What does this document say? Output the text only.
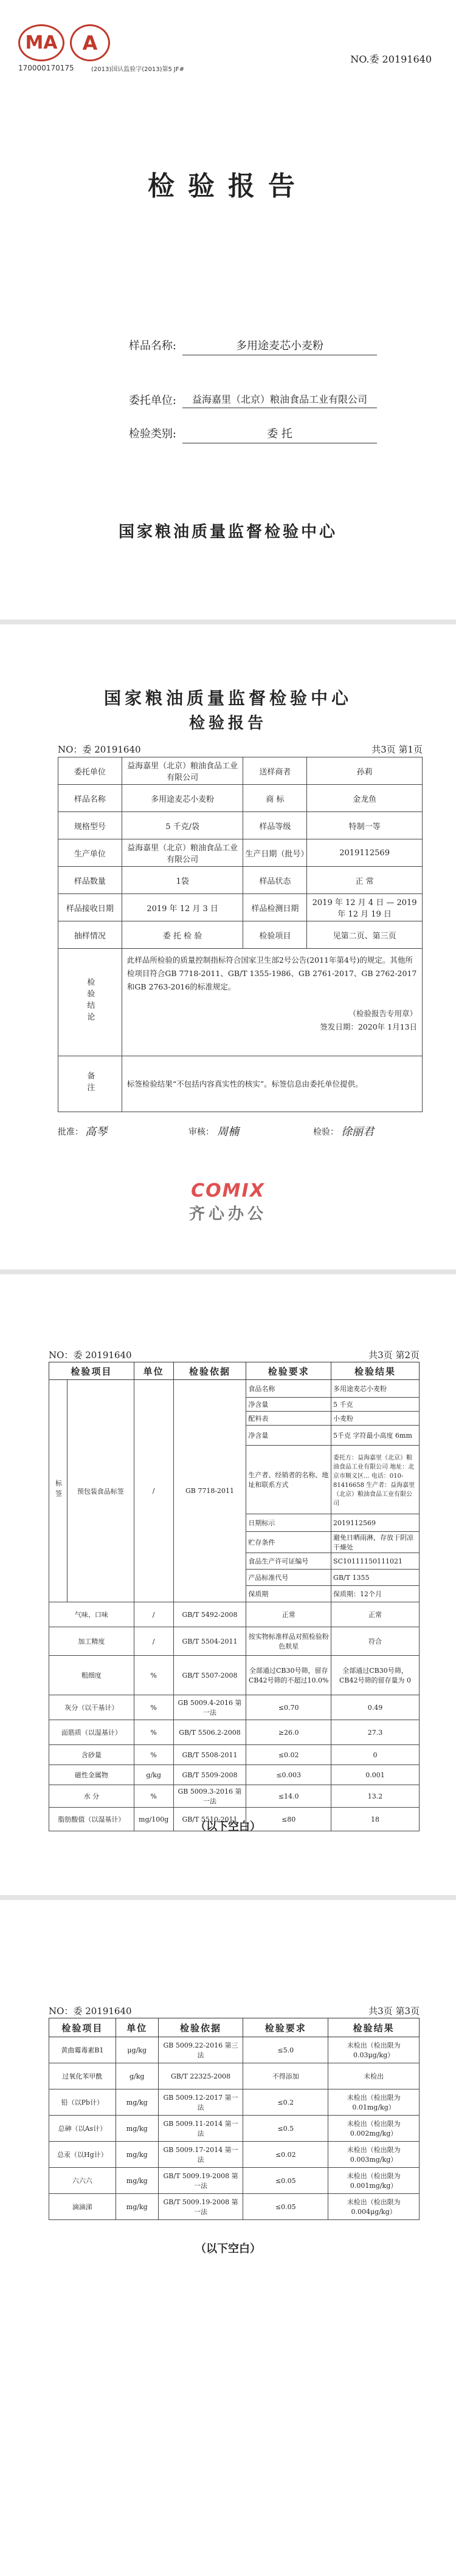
MA	A
170000170175	(2013)国认监验字(2013)第5 JF#
NO.委 20191640
检验报告
样品名称:	多用途麦芯小麦粉
委托单位:	益海嘉里（北京）粮油食品工业有限公司
检验类别:	委 托
国家粮油质量监督检验中心
国家粮油质量监督检验中心
检验报告
NO：委 20191640	共3页 第1页
委托单位	益海嘉里（北京）粮油食品工业有限公司	送样商者	孙莉
样品名称	多用途麦芯小麦粉	商 标	金龙鱼
规格型号	5 千克/袋	样品等级	特制一等
生产单位	益海嘉里（北京）粮油食品工业有限公司	生产日期（批号）	2019112569
样品数量	1袋	样品状态	正 常
样品接收日期	2019 年 12 月 3 日	样品检测日期	2019 年 12 月 4 日 — 2019 年 12 月 19 日
抽样情况	委 托 检 验	检验项目	见第二页、第三页
检验结论	此样品所检验的质量控制指标符合国家卫生部2号公告(2011年第4号)的规定。其他所检项目符合GB 7718-2011、GB/T 1355-1986、GB 2761-2017、GB 2762-2017和GB 2763-2016的标准规定。
（检验报告专用章）
签发日期：2020年 1月13日		

备注	标签检验结果“不包括内容真实性的核实”。标签信息由委托单位提供。		
批准： 高琴	审核： 周楠	检验： 徐丽君
COMIX
齐心办公
NO：委 20191640	共3页 第2页
检验项目		单位	检验依据	检验要求	检验结果
标签	预包装食品标签	/	GB 7718-2011	食品名称	多用途麦芯小麦粉
				净含量	5 千克
				配料表	小麦粉
				净含量	5千克 字符最小高度 6mm
				生产者、经销者的名称、地址和联系方式	委托方：益海嘉里（北京）粮油食品工业有限公司 地址：北京市顺义区... 电话：010-81416658 生产者：益海嘉里（北京）粮油食品工业有限公司
				日期标示	2019112569
				贮存条件	避免日晒雨淋，存放于阴凉干燥处
				食品生产许可证编号	SC10111150111021
				产品标准代号	GB/T 1355
				保质期	保质期：12个月
气味、口味		/	GB/T 5492-2008	正常	正常
加工精度		/	GB/T 5504-2011	按实物标准样品对照检验粉色麸星	符合
粗细度		%	GB/T 5507-2008	全部通过CB30号筛，留存CB42号筛的不超过10.0%	全部通过CB30号筛，CB42号筛的留存量为 0
灰分（以干基计）		%	GB 5009.4-2016 第一法	≤0.70	0.49
面筋质（以湿基计）		%	GB/T 5506.2-2008	≥26.0	27.3
含砂量		%	GB/T 5508-2011	≤0.02	0
磁性金属物		g/kg	GB/T 5509-2008	≤0.003	0.001
水 分		%	GB 5009.3-2016 第一法	≤14.0	13.2
脂肪酸值（以湿基计）		mg/100g	GB/T 5510-2011	≤80	18
（以下空白）
NO：委 20191640	共3页 第3页
检验项目	单位	检验依据	检验要求	检验结果
黄曲霉毒素B1	μg/kg	GB 5009.22-2016 第三法	≤5.0	未检出（检出限为0.03μg/kg）
过氧化苯甲酰	g/kg	GB/T 22325-2008	不得添加	未检出
铅（以Pb计）	mg/kg	GB 5009.12-2017 第一法	≤0.2	未检出（检出限为0.01mg/kg）
总砷（以As计）	mg/kg	GB 5009.11-2014 第一法	≤0.5	未检出（检出限为0.002mg/kg）
总汞（以Hg计）	mg/kg	GB 5009.17-2014 第一法	≤0.02	未检出（检出限为0.003mg/kg）
六六六	mg/kg	GB/T 5009.19-2008 第一法	≤0.05	未检出（检出限为0.001mg/kg）
滴滴涕	mg/kg	GB/T 5009.19-2008 第一法	≤0.05	未检出（检出限为0.004μg/kg）
（以下空白）
